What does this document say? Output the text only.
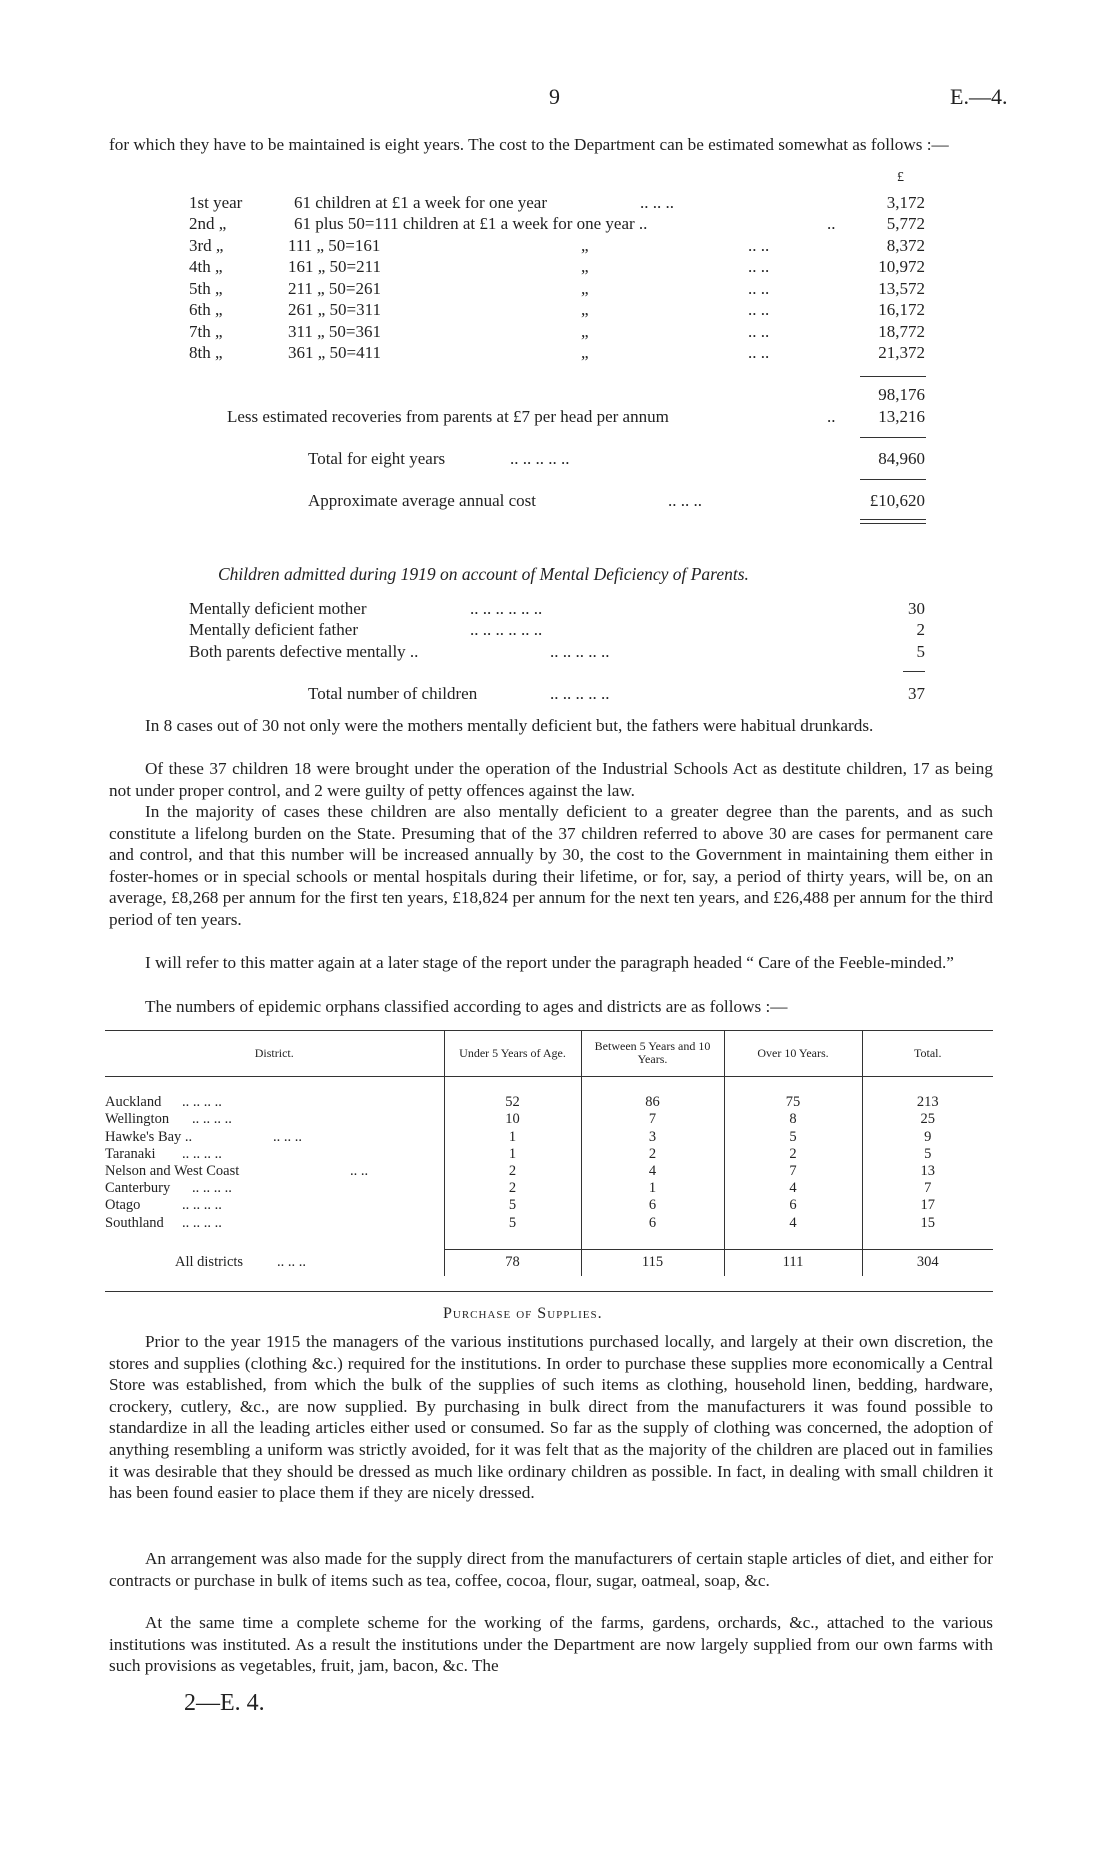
9	E.—4.
for which they have to be maintained is eight years. The cost to the Department can be estimated somewhat as follows :—
£
1st year	61 children at £1 a week for one year	.. .. ..	3,172
2nd „	61 plus 50=111 children at £1 a week for one year ..	..	5,772
3rd „	111 „ 50=161	„	.. ..	8,372
4th „	161 „ 50=211	„	.. ..	10,972
5th „	211 „ 50=261	„	.. ..	13,572
6th „	261 „ 50=311	„	.. ..	16,172
7th „	311 „ 50=361	„	.. ..	18,772
8th „	361 „ 50=411	„	.. ..	21,372
98,176
Less estimated recoveries from parents at £7 per head per annum	..	13,216
Total for eight years	.. .. .. .. ..	84,960
Approximate average annual cost	.. .. ..	£10,620
Children admitted during 1919 on account of Mental Deficiency of Parents.
Mentally deficient mother	.. .. .. .. .. ..	30
Mentally deficient father	.. .. .. .. .. ..	2
Both parents defective mentally ..	.. .. .. .. ..	5
Total number of children	.. .. .. .. ..	37
In 8 cases out of 30 not only were the mothers mentally deficient but, the fathers were habitual drunkards.
Of these 37 children 18 were brought under the operation of the Industrial Schools Act as destitute children, 17 as being not under proper control, and 2 were guilty of petty offences against the law.
In the majority of cases these children are also mentally deficient to a greater degree than the parents, and as such constitute a lifelong burden on the State. Presuming that of the 37 children referred to above 30 are cases for permanent care and control, and that this number will be increased annually by 30, the cost to the Government in maintaining them either in foster-homes or in special schools or mental hospitals during their lifetime, or for, say, a period of thirty years, will be, on an average, £8,268 per annum for the first ten years, £18,824 per annum for the next ten years, and £26,488 per annum for the third period of ten years.
I will refer to this matter again at a later stage of the report under the paragraph headed “ Care of the Feeble-minded.”
The numbers of epidemic orphans classified according to ages and districts are as follows :—
District.	Under 5 Years of Age.	Between 5 Years and 10 Years.	Over 10 Years.	Total.

Auckland .. .. .. ..	52	86	75	213
Wellington .. .. .. ..	10	7	8	25
Hawke's Bay .. .. .. ..	1	3	5	9
Taranaki .. .. .. ..	1	2	2	5
Nelson and West Coast .. ..	2	4	7	13
Canterbury .. .. .. ..	2	1	4	7
Otago .. .. .. ..	5	6	6	17
Southland .. .. .. ..	5	6	4	15

All districts .. .. ..	78	115	111	304
Purchase of Supplies.
Prior to the year 1915 the managers of the various institutions purchased locally, and largely at their own discretion, the stores and supplies (clothing &c.) required for the institutions. In order to purchase these supplies more economically a Central Store was established, from which the bulk of the supplies of such items as clothing, household linen, bedding, hardware, crockery, cutlery, &c., are now supplied. By purchasing in bulk direct from the manufacturers it was found possible to standardize in all the leading articles either used or consumed. So far as the supply of clothing was concerned, the adoption of anything resembling a uniform was strictly avoided, for it was felt that as the majority of the children are placed out in families it was desirable that they should be dressed as much like ordinary children as possible. In fact, in dealing with small children it has been found easier to place them if they are nicely dressed.
An arrangement was also made for the supply direct from the manufacturers of certain staple articles of diet, and either for contracts or purchase in bulk of items such as tea, coffee, cocoa, flour, sugar, oatmeal, soap, &c.
At the same time a complete scheme for the working of the farms, gardens, orchards, &c., attached to the various institutions was instituted. As a result the institutions under the Department are now largely supplied from our own farms with such provisions as vegetables, fruit, jam, bacon, &c. The
2—E. 4.
